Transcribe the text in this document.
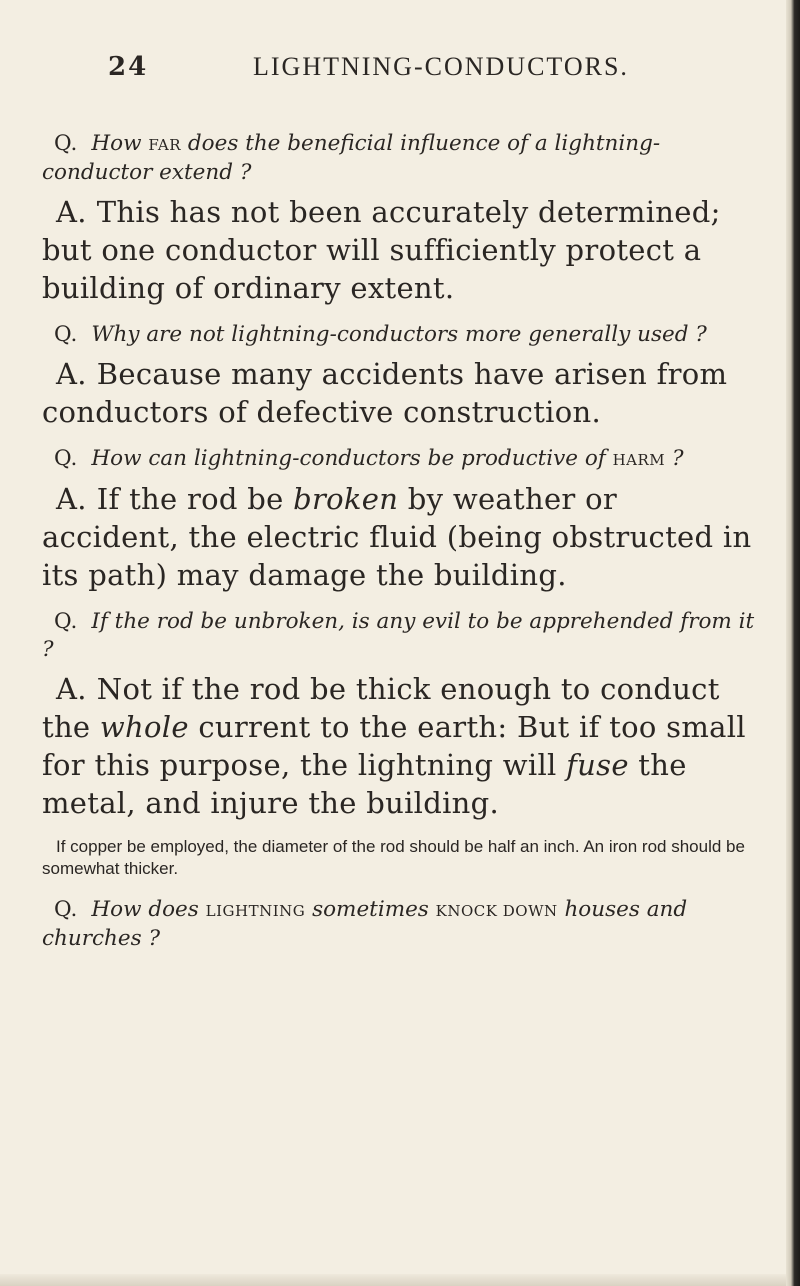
24	LIGHTNING-CONDUCTORS.

Q. How FAR does the beneficial influence of a lightning-conductor extend ?

A. This has not been accurately determined; but one conductor will sufficiently protect a building of ordinary extent.

Q. Why are not lightning-conductors more generally used ?

A. Because many accidents have arisen from conductors of defective construction.

Q. How can lightning-conductors be productive of HARM ?

A. If the rod be broken by weather or accident, the electric fluid (being obstructed in its path) may damage the building.

Q. If the rod be unbroken, is any evil to be apprehended from it ?

A. Not if the rod be thick enough to conduct the whole current to the earth: But if too small for this purpose, the lightning will fuse the metal, and injure the building.

If copper be employed, the diameter of the rod should be half an inch. An iron rod should be somewhat thicker.

Q. How does LIGHTNING sometimes KNOCK DOWN houses and churches ?
